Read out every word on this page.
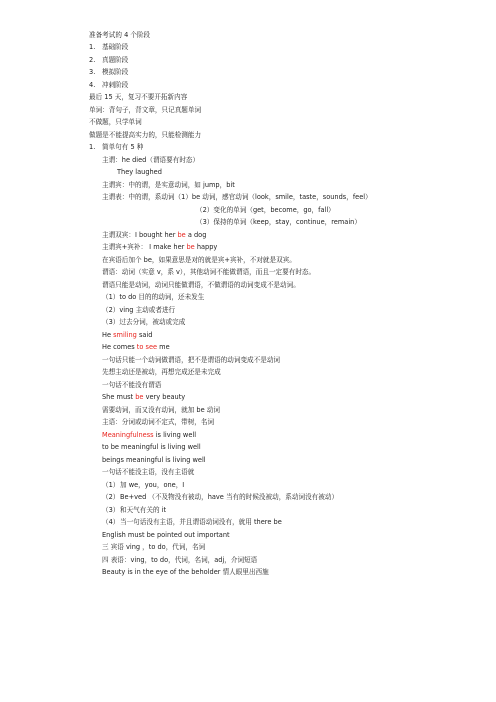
准备考试的 4 个阶段
1. 基础阶段
2. 真题阶段
3. 模拟阶段
4. 冲刺阶段
最后 15 天，复习不要开拓新内容
单词：背句子，背文章，只记真题单词
不做题，只学单词
做题是不能提高实力的，只能检测能力
1. 简单句有 5 种
主谓：he died（谓语要有时态）
They laughed
主谓宾：中的谓，是实意动词，如 jump，bit
主谓表：中的谓，系动词（1）be 动词，感官动词（look，smile，taste，sounds，feel）
（2）变化的单词（get，become，go，fall）
（3）保持的单词（keep，stay，continue，remain）
主谓双宾：I bought her be a dog
主谓宾+宾补： I make her be happy
在宾语后加个 be，如果意思是对的就是宾+宾补，不对就是双宾。
谓语：动词（实意 v，系 v），其他动词不能做谓语，而且一定要有时态。
谓语只能是动词，动词只能做谓语，不做谓语的动词变成不是动词。
（1）to do 目的的动词，还未发生
（2）ving 主动或者进行
（3）过去分词，被动或完成
He smiling said
He comes to see me
一句话只能一个动词做谓语，把不是谓语的动词变成不是动词
先想主动还是被动，再想完成还是未完成
一句话不能没有谓语
She must be very beauty
需要动词，而又没有动词，就加 be 动词
主语：分词或动词不定式，带树，名词
Meaningfulness is living well
to be meaningful is living well
beings meaningful is living well
一句话不能没主语，没有主语就
（1）加 we，you，one，I
（2）Be+ved （不及物没有被动，have 当有的时候没被动，系动词没有被动）
（3）和天气有关的 it
（4）当一句话没有主语，并且谓语动词没有，就用 there be
English must be pointed out important
三 宾语 ving ，to do，代词，名词
四 表语：ving，to do，代词，名词，adj，介词短语
Beauty is in the eye of the beholder 情人眼里出西施
